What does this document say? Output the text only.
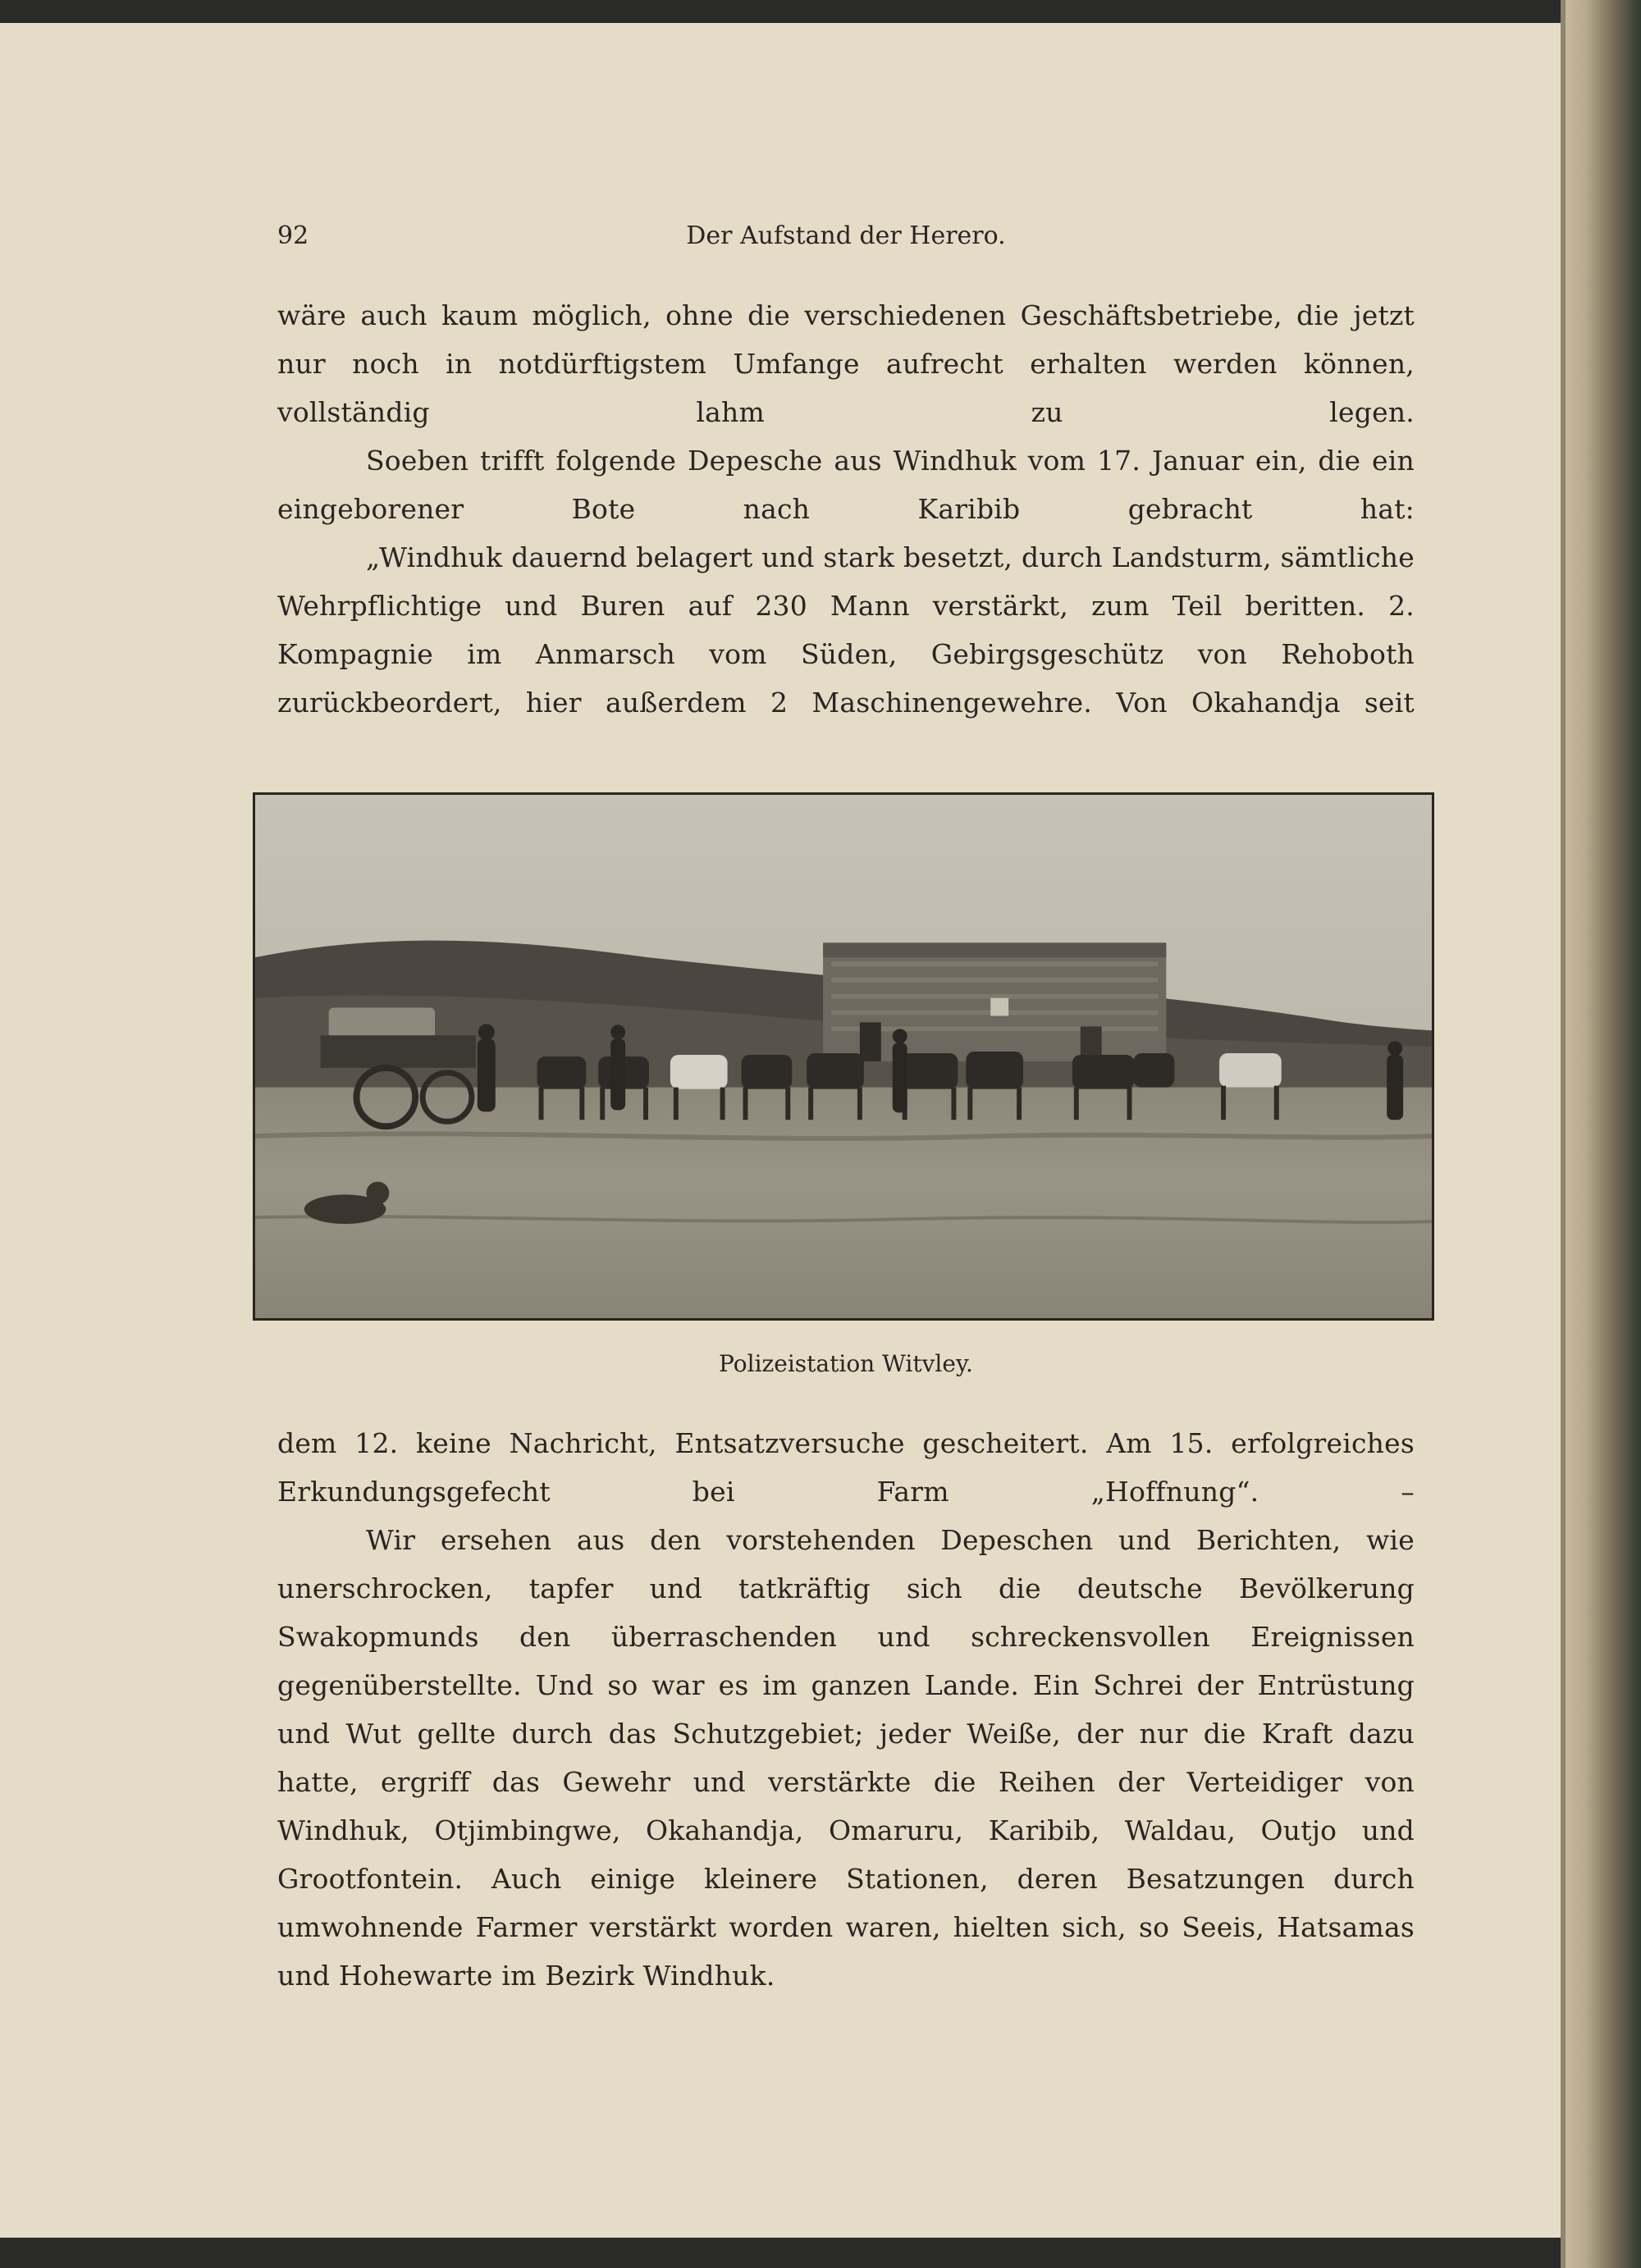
92	Der Aufstand der Herero.

wäre auch kaum möglich, ohne die verschiedenen Geschäftsbetriebe, die jetzt nur noch in notdürftigstem Umfange aufrecht erhalten werden können, vollständig lahm zu legen.

Soeben trifft folgende Depesche aus Windhuk vom 17. Januar ein, die ein eingeborener Bote nach Karibib gebracht hat:

„Windhuk dauernd belagert und stark besetzt, durch Landsturm, sämtliche Wehrpflichtige und Buren auf 230 Mann verstärkt, zum Teil beritten. 2. Kompagnie im Anmarsch vom Süden, Gebirgsgeschütz von Rehoboth zurückbeordert, hier außerdem 2 Maschinengewehre. Von Okahandja seit

Polizeistation Witvley.

dem 12. keine Nachricht, Entsatzversuche gescheitert. Am 15. erfolgreiches Erkundungsgefecht bei Farm „Hoffnung“. –

Wir ersehen aus den vorstehenden Depeschen und Berichten, wie unerschrocken, tapfer und tatkräftig sich die deutsche Bevölkerung Swakopmunds den überraschenden und schreckensvollen Ereignissen gegenüberstellte. Und so war es im ganzen Lande. Ein Schrei der Entrüstung und Wut gellte durch das Schutzgebiet; jeder Weiße, der nur die Kraft dazu hatte, ergriff das Gewehr und verstärkte die Reihen der Verteidiger von Windhuk, Otjimbingwe, Okahandja, Omaruru, Karibib, Waldau, Outjo und Grootfontein. Auch einige kleinere Stationen, deren Besatzungen durch umwohnende Farmer verstärkt worden waren, hielten sich, so Seeis, Hatsamas und Hohewarte im Bezirk Windhuk.
